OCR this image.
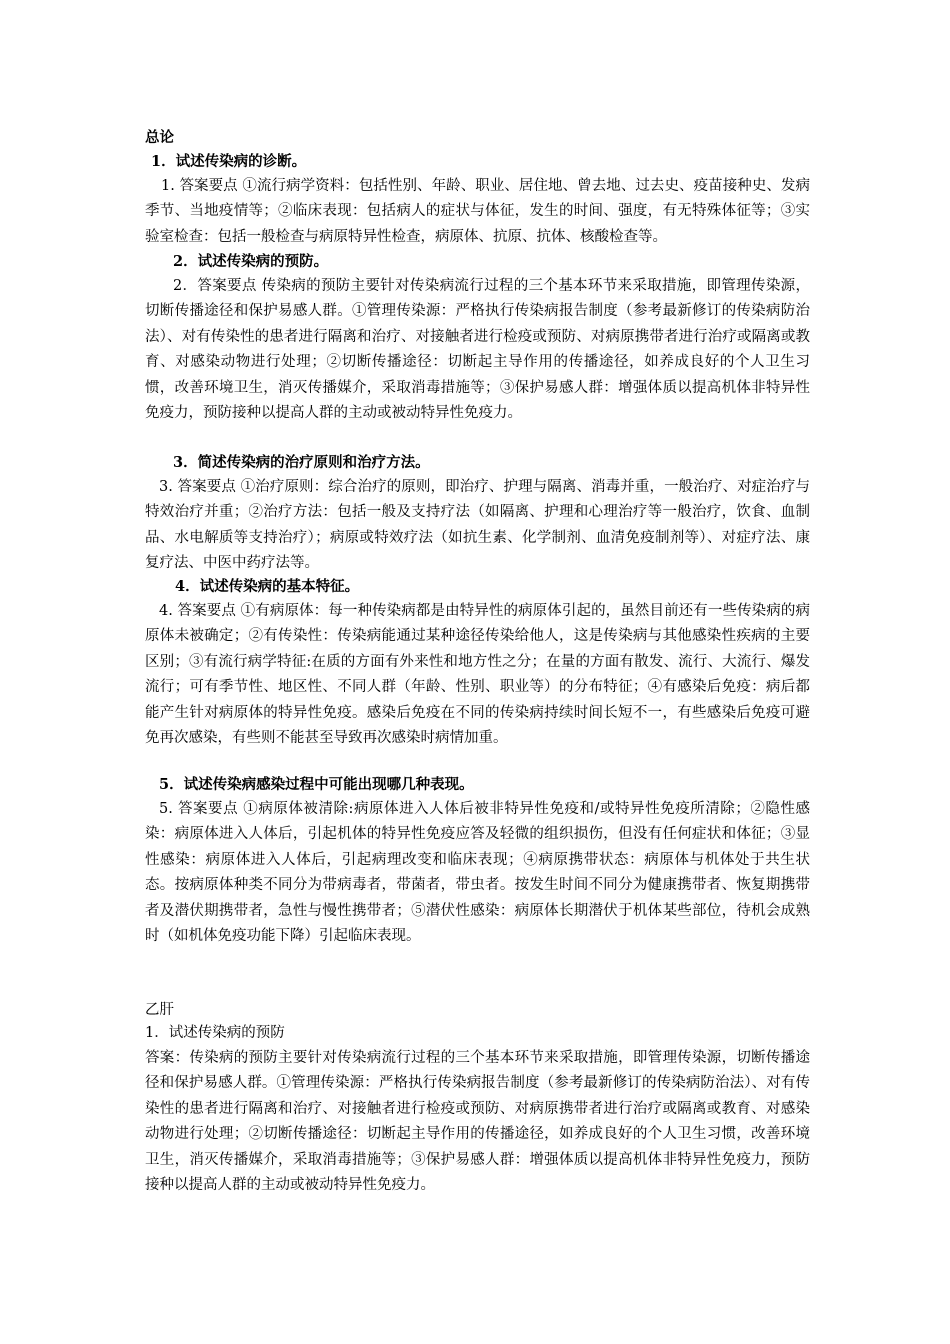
总论
1．试述传染病的诊断。
1. 答案要点 ①流行病学资料：包括性别、年龄、职业、居住地、曾去地、过去史、疫苗接种史、发病季节、当地疫情等；②临床表现：包括病人的症状与体征，发生的时间、强度，有无特殊体征等；③实验室检查：包括一般检查与病原特异性检查，病原体、抗原、抗体、核酸检查等。
2．试述传染病的预防。
2．答案要点 传染病的预防主要针对传染病流行过程的三个基本环节来采取措施，即管理传染源，切断传播途径和保护易感人群。①管理传染源：严格执行传染病报告制度（参考最新修订的传染病防治法）、对有传染性的患者进行隔离和治疗、对接触者进行检疫或预防、对病原携带者进行治疗或隔离或教育、对感染动物进行处理；②切断传播途径：切断起主导作用的传播途径，如养成良好的个人卫生习惯，改善环境卫生，消灭传播媒介，采取消毒措施等；③保护易感人群：增强体质以提高机体非特异性免疫力，预防接种以提高人群的主动或被动特异性免疫力。
3．简述传染病的治疗原则和治疗方法。
3. 答案要点 ①治疗原则：综合治疗的原则，即治疗、护理与隔离、消毒并重，一般治疗、对症治疗与特效治疗并重；②治疗方法：包括一般及支持疗法（如隔离、护理和心理治疗等一般治疗，饮食、血制品、水电解质等支持治疗）；病原或特效疗法（如抗生素、化学制剂、血清免疫制剂等）、对症疗法、康复疗法、中医中药疗法等。
4．试述传染病的基本特征。
4. 答案要点 ①有病原体：每一种传染病都是由特异性的病原体引起的，虽然目前还有一些传染病的病原体未被确定；②有传染性：传染病能通过某种途径传染给他人，这是传染病与其他感染性疾病的主要区别；③有流行病学特征:在质的方面有外来性和地方性之分；在量的方面有散发、流行、大流行、爆发流行；可有季节性、地区性、不同人群（年龄、性别、职业等）的分布特征；④有感染后免疫：病后都能产生针对病原体的特异性免疫。感染后免疫在不同的传染病持续时间长短不一，有些感染后免疫可避免再次感染，有些则不能甚至导致再次感染时病情加重。
5．试述传染病感染过程中可能出现哪几种表现。
5. 答案要点 ①病原体被清除:病原体进入人体后被非特异性免疫和/或特异性免疫所清除；②隐性感染：病原体进入人体后，引起机体的特异性免疫应答及轻微的组织损伤，但没有任何症状和体征；③显性感染：病原体进入人体后，引起病理改变和临床表现；④病原携带状态：病原体与机体处于共生状态。按病原体种类不同分为带病毒者，带菌者，带虫者。按发生时间不同分为健康携带者、恢复期携带者及潜伏期携带者，急性与慢性携带者；⑤潜伏性感染：病原体长期潜伏于机体某些部位，待机会成熟时（如机体免疫功能下降）引起临床表现。
乙肝
1．试述传染病的预防
答案：传染病的预防主要针对传染病流行过程的三个基本环节来采取措施，即管理传染源，切断传播途径和保护易感人群。①管理传染源：严格执行传染病报告制度（参考最新修订的传染病防治法）、对有传染性的患者进行隔离和治疗、对接触者进行检疫或预防、对病原携带者进行治疗或隔离或教育、对感染动物进行处理；②切断传播途径：切断起主导作用的传播途径，如养成良好的个人卫生习惯，改善环境卫生，消灭传播媒介，采取消毒措施等；③保护易感人群：增强体质以提高机体非特异性免疫力，预防接种以提高人群的主动或被动特异性免疫力。
